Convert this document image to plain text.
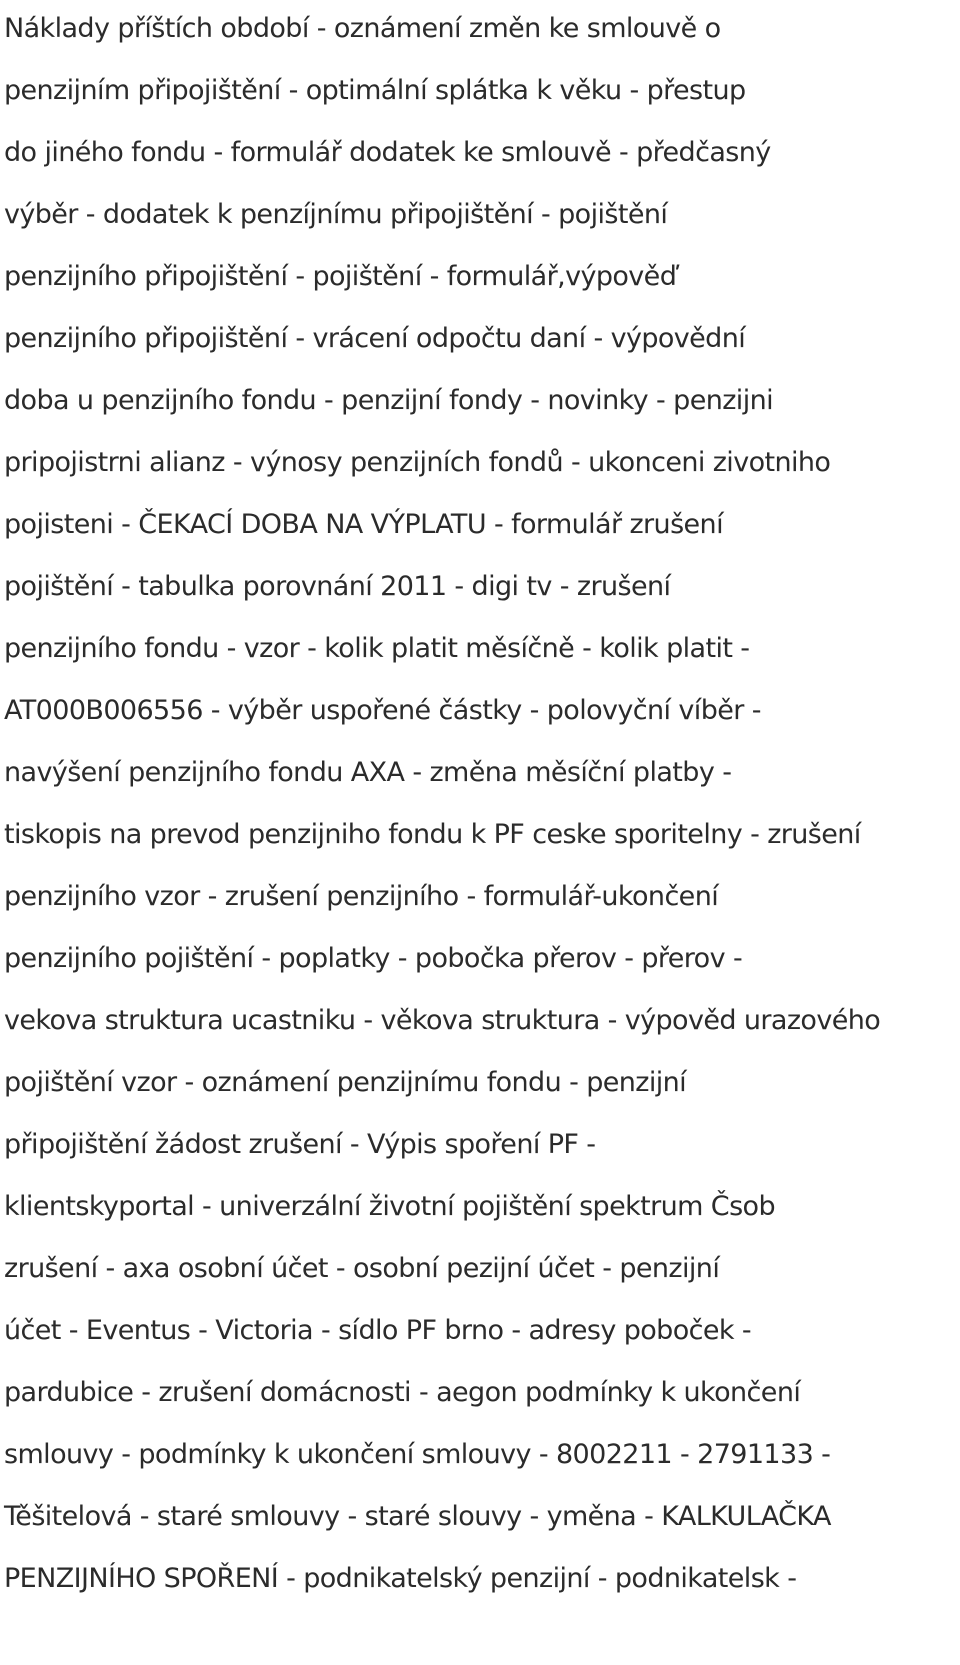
Náklady příštích období - oznámení změn ke smlouvě o
penzijním připojištění - optimální splátka k věku - přestup
do jiného fondu - formulář dodatek ke smlouvě - předčasný
výběr - dodatek k penzíjnímu připojištění - pojištění
penzijního připojištění - pojištění - formulář,výpověď
penzijního připojištění - vrácení odpočtu daní - výpovědní
doba u penzijního fondu - penzijní fondy - novinky - penzijni
pripojistrni alianz - výnosy penzijních fondů - ukonceni zivotniho
pojisteni - ČEKACÍ DOBA NA VÝPLATU - formulář zrušení
pojištění - tabulka porovnání 2011 - digi tv - zrušení
penzijního fondu - vzor - kolik platit měsíčně - kolik platit -
AT000B006556 - výběr uspořené částky - polovyční víběr -
navýšení penzijního fondu AXA - změna měsíční platby -
tiskopis na prevod penzijniho fondu k PF ceske sporitelny - zrušení
penzijního vzor - zrušení penzijního - formulář-ukončení
penzijního pojištění - poplatky - pobočka přerov - přerov -
vekova struktura ucastniku - věkova struktura - výpověd urazového
pojištění vzor - oznámení penzijnímu fondu - penzijní
připojištění žádost zrušení - Výpis spoření PF -
klientskyportal - univerzální životní pojištění spektrum Čsob
zrušení - axa osobní účet - osobní pezijní účet - penzijní
účet - Eventus - Victoria - sídlo PF brno - adresy poboček -
pardubice - zrušení domácnosti - aegon podmínky k ukončení
smlouvy - podmínky k ukončení smlouvy - 8002211 - 2791133 -
Těšitelová - staré smlouvy - staré slouvy - yměna - KALKULAČKA
PENZIJNÍHO SPOŘENÍ - podnikatelský penzijní - podnikatelsk -
